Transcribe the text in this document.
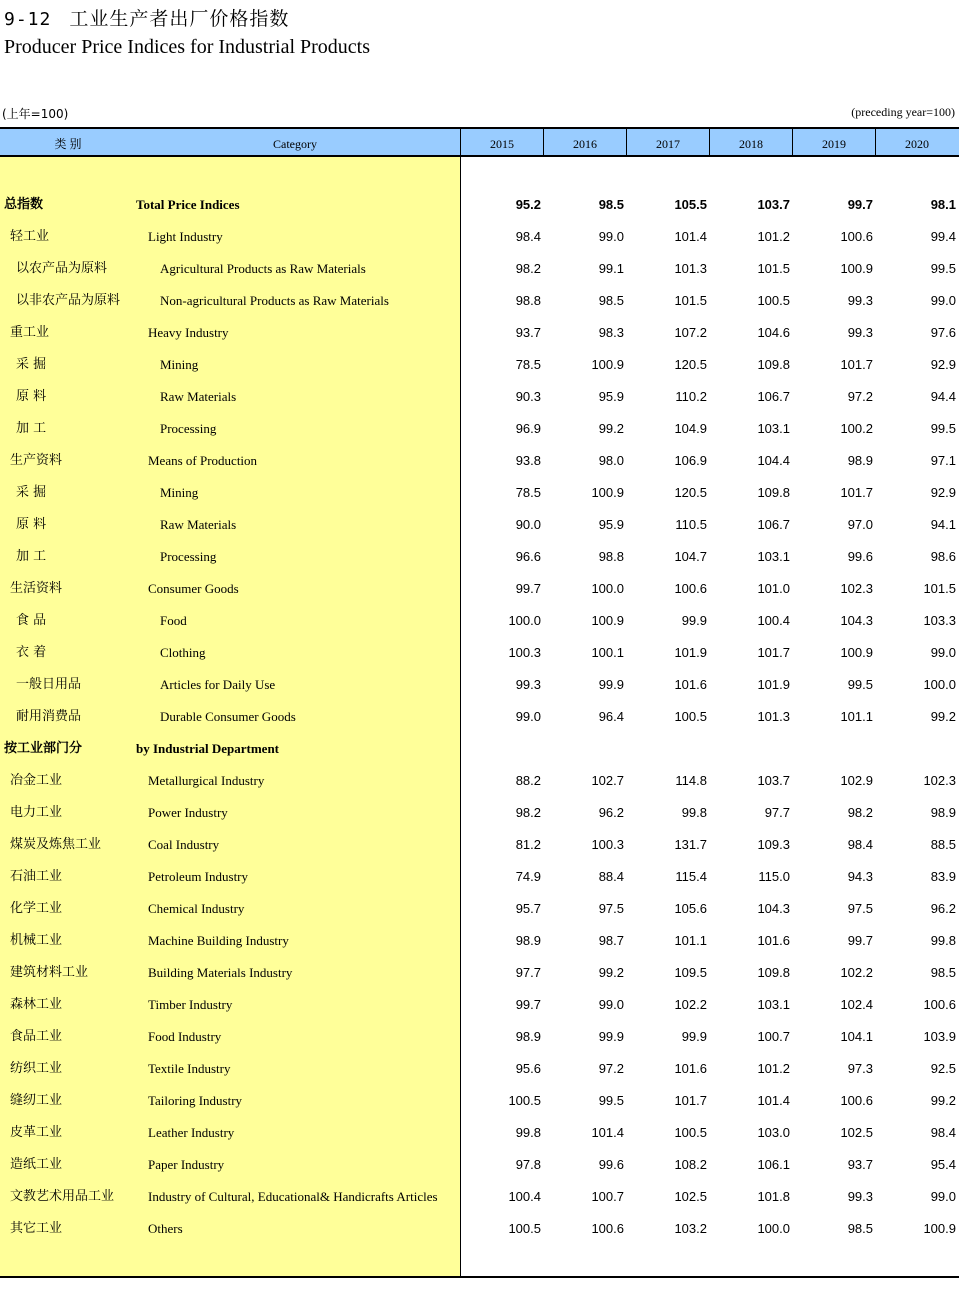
9-12 工业生产者出厂价格指数
Producer Price Indices for Industrial Products
(上年=100)	(preceding year=100)
类 别	Category	2015	2016	2017	2018	2019	2020
总指数	Total Price Indices	95.2	98.5	105.5	103.7	99.7	98.1
轻工业	Light Industry	98.4	99.0	101.4	101.2	100.6	99.4
以农产品为原料	Agricultural Products as Raw Materials	98.2	99.1	101.3	101.5	100.9	99.5
以非农产品为原料	Non-agricultural Products as Raw Materials	98.8	98.5	101.5	100.5	99.3	99.0
重工业	Heavy Industry	93.7	98.3	107.2	104.6	99.3	97.6
采 掘	Mining	78.5	100.9	120.5	109.8	101.7	92.9
原 料	Raw Materials	90.3	95.9	110.2	106.7	97.2	94.4
加 工	Processing	96.9	99.2	104.9	103.1	100.2	99.5
生产资料	Means of Production	93.8	98.0	106.9	104.4	98.9	97.1
采 掘	Mining	78.5	100.9	120.5	109.8	101.7	92.9
原 料	Raw Materials	90.0	95.9	110.5	106.7	97.0	94.1
加 工	Processing	96.6	98.8	104.7	103.1	99.6	98.6
生活资料	Consumer Goods	99.7	100.0	100.6	101.0	102.3	101.5
食 品	Food	100.0	100.9	99.9	100.4	104.3	103.3
衣 着	Clothing	100.3	100.1	101.9	101.7	100.9	99.0
一般日用品	Articles for Daily Use	99.3	99.9	101.6	101.9	99.5	100.0
耐用消费品	Durable Consumer Goods	99.0	96.4	100.5	101.3	101.1	99.2
按工业部门分	by Industrial Department
冶金工业	Metallurgical Industry	88.2	102.7	114.8	103.7	102.9	102.3
电力工业	Power Industry	98.2	96.2	99.8	97.7	98.2	98.9
煤炭及炼焦工业	Coal Industry	81.2	100.3	131.7	109.3	98.4	88.5
石油工业	Petroleum Industry	74.9	88.4	115.4	115.0	94.3	83.9
化学工业	Chemical Industry	95.7	97.5	105.6	104.3	97.5	96.2
机械工业	Machine Building Industry	98.9	98.7	101.1	101.6	99.7	99.8
建筑材料工业	Building Materials Industry	97.7	99.2	109.5	109.8	102.2	98.5
森林工业	Timber Industry	99.7	99.0	102.2	103.1	102.4	100.6
食品工业	Food Industry	98.9	99.9	99.9	100.7	104.1	103.9
纺织工业	Textile Industry	95.6	97.2	101.6	101.2	97.3	92.5
缝纫工业	Tailoring Industry	100.5	99.5	101.7	101.4	100.6	99.2
皮革工业	Leather Industry	99.8	101.4	100.5	103.0	102.5	98.4
造纸工业	Paper Industry	97.8	99.6	108.2	106.1	93.7	95.4
文教艺术用品工业	Industry of Cultural, Educational& Handicrafts Articles	100.4	100.7	102.5	101.8	99.3	99.0
其它工业	Others	100.5	100.6	103.2	100.0	98.5	100.9
